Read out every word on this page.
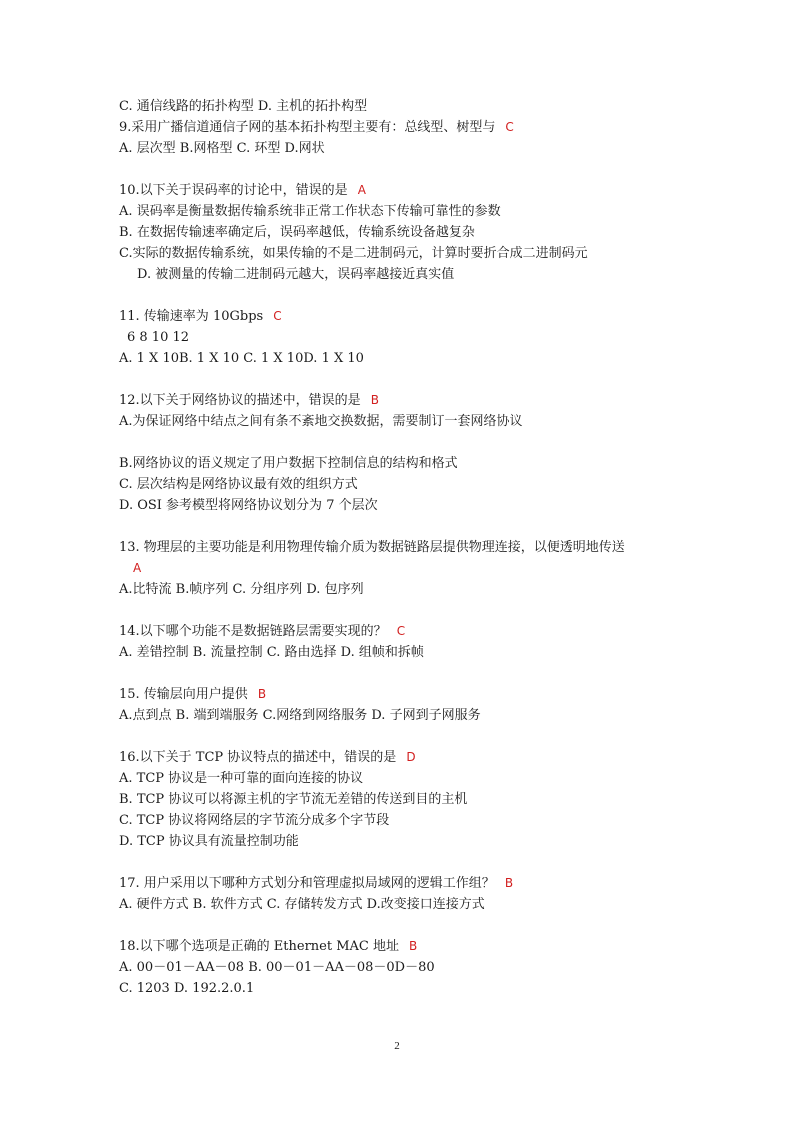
C. 通信线路的拓扑构型 D. 主机的拓扑构型
9.采用广播信道通信子网的基本拓扑构型主要有：总线型、树型与 C
A. 层次型 B.网格型 C. 环型 D.网状
10.以下关于误码率的讨论中，错误的是 A
A. 误码率是衡量数据传输系统非正常工作状态下传输可靠性的参数
B. 在数据传输速率确定后，误码率越低，传输系统设备越复杂
C.实际的数据传输系统，如果传输的不是二进制码元，计算时要折合成二进制码元
D. 被测量的传输二进制码元越大，误码率越接近真实值
11. 传输速率为 10Gbps C
6 8 10 12
A. 1 X 10B. 1 X 10 C. 1 X 10D. 1 X 10
12.以下关于网络协议的描述中，错误的是 B
A.为保证网络中结点之间有条不紊地交换数据，需要制订一套网络协议
B.网络协议的语义规定了用户数据下控制信息的结构和格式
C. 层次结构是网络协议最有效的组织方式
D. OSI 参考模型将网络协议划分为 7 个层次
13. 物理层的主要功能是利用物理传输介质为数据链路层提供物理连接，以便透明地传送
A
A.比特流 B.帧序列 C. 分组序列 D. 包序列
14.以下哪个功能不是数据链路层需要实现的？ C
A. 差错控制 B. 流量控制 C. 路由选择 D. 组帧和拆帧
15. 传输层向用户提供 B
A.点到点 B. 端到端服务 C.网络到网络服务 D. 子网到子网服务
16.以下关于 TCP 协议特点的描述中，错误的是 D
A. TCP 协议是一种可靠的面向连接的协议
B. TCP 协议可以将源主机的字节流无差错的传送到目的主机
C. TCP 协议将网络层的字节流分成多个字节段
D. TCP 协议具有流量控制功能
17. 用户采用以下哪种方式划分和管理虚拟局域网的逻辑工作组？ B
A. 硬件方式 B. 软件方式 C. 存储转发方式 D.改变接口连接方式
18.以下哪个选项是正确的 Ethernet MAC 地址 B
A. 00－01－AA－08 B. 00－01－AA－08－0D－80
C. 1203 D. 192.2.0.1
2
